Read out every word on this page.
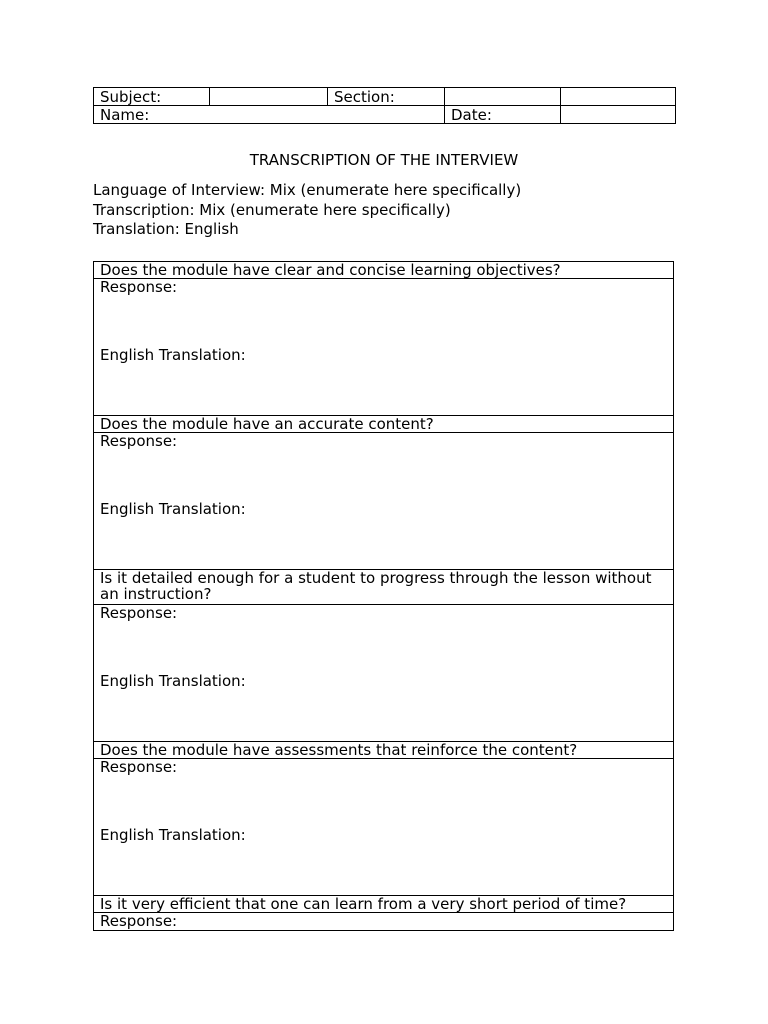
Subject:		Section:		
Name:			Date:	
TRANSCRIPTION OF THE INTERVIEW
Language of Interview: Mix (enumerate here specifically)
Transcription: Mix (enumerate here specifically)
Translation: English
Does the module have clear and concise learning objectives?
Response:
English Translation:

Does the module have an accurate content?
Response:
English Translation:

Is it detailed enough for a student to progress through the lesson without an instruction?
Response:
English Translation:

Does the module have assessments that reinforce the content?
Response:
English Translation:

Is it very efficient that one can learn from a very short period of time?
Response:
